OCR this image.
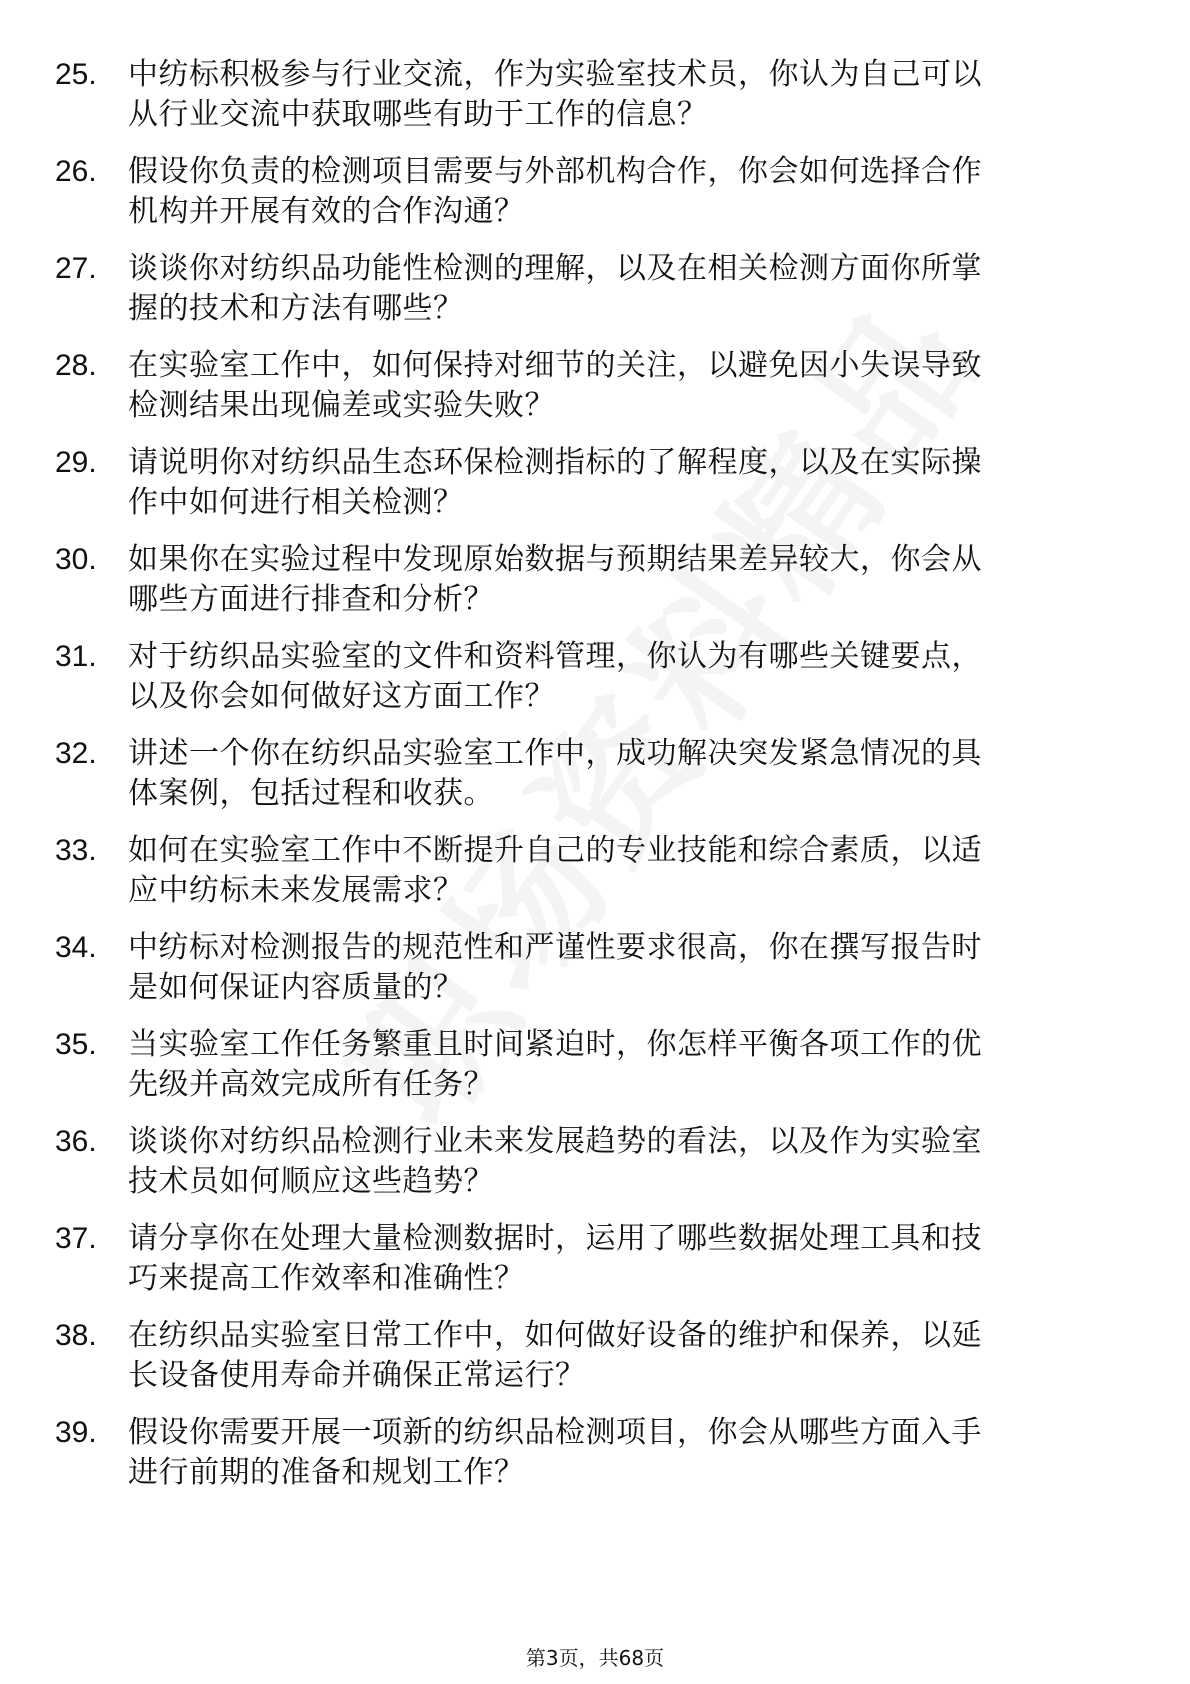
25.	中纺标积极参与行业交流，作为实验室技术员，你认为自己可以
从行业交流中获取哪些有助于工作的信息？
26.	假设你负责的检测项目需要与外部机构合作，你会如何选择合作
机构并开展有效的合作沟通？
27.	谈谈你对纺织品功能性检测的理解，以及在相关检测方面你所掌
握的技术和方法有哪些？
28.	在实验室工作中，如何保持对细节的关注，以避免因小失误导致
检测结果出现偏差或实验失败？
29.	请说明你对纺织品生态环保检测指标的了解程度，以及在实际操
作中如何进行相关检测？
30.	如果你在实验过程中发现原始数据与预期结果差异较大，你会从
哪些方面进行排查和分析？
31.	对于纺织品实验室的文件和资料管理，你认为有哪些关键要点，
以及你会如何做好这方面工作？
32.	讲述一个你在纺织品实验室工作中，成功解决突发紧急情况的具
体案例，包括过程和收获。
33.	如何在实验室工作中不断提升自己的专业技能和综合素质，以适
应中纺标未来发展需求？
34.	中纺标对检测报告的规范性和严谨性要求很高，你在撰写报告时
是如何保证内容质量的？
35.	当实验室工作任务繁重且时间紧迫时，你怎样平衡各项工作的优
先级并高效完成所有任务？
36.	谈谈你对纺织品检测行业未来发展趋势的看法，以及作为实验室
技术员如何顺应这些趋势？
37.	请分享你在处理大量检测数据时，运用了哪些数据处理工具和技
巧来提高工作效率和准确性？
38.	在纺织品实验室日常工作中，如何做好设备的维护和保养，以延
长设备使用寿命并确保正常运行？
39.	假设你需要开展一项新的纺织品检测项目，你会从哪些方面入手
进行前期的准备和规划工作？
第3页，共68页
